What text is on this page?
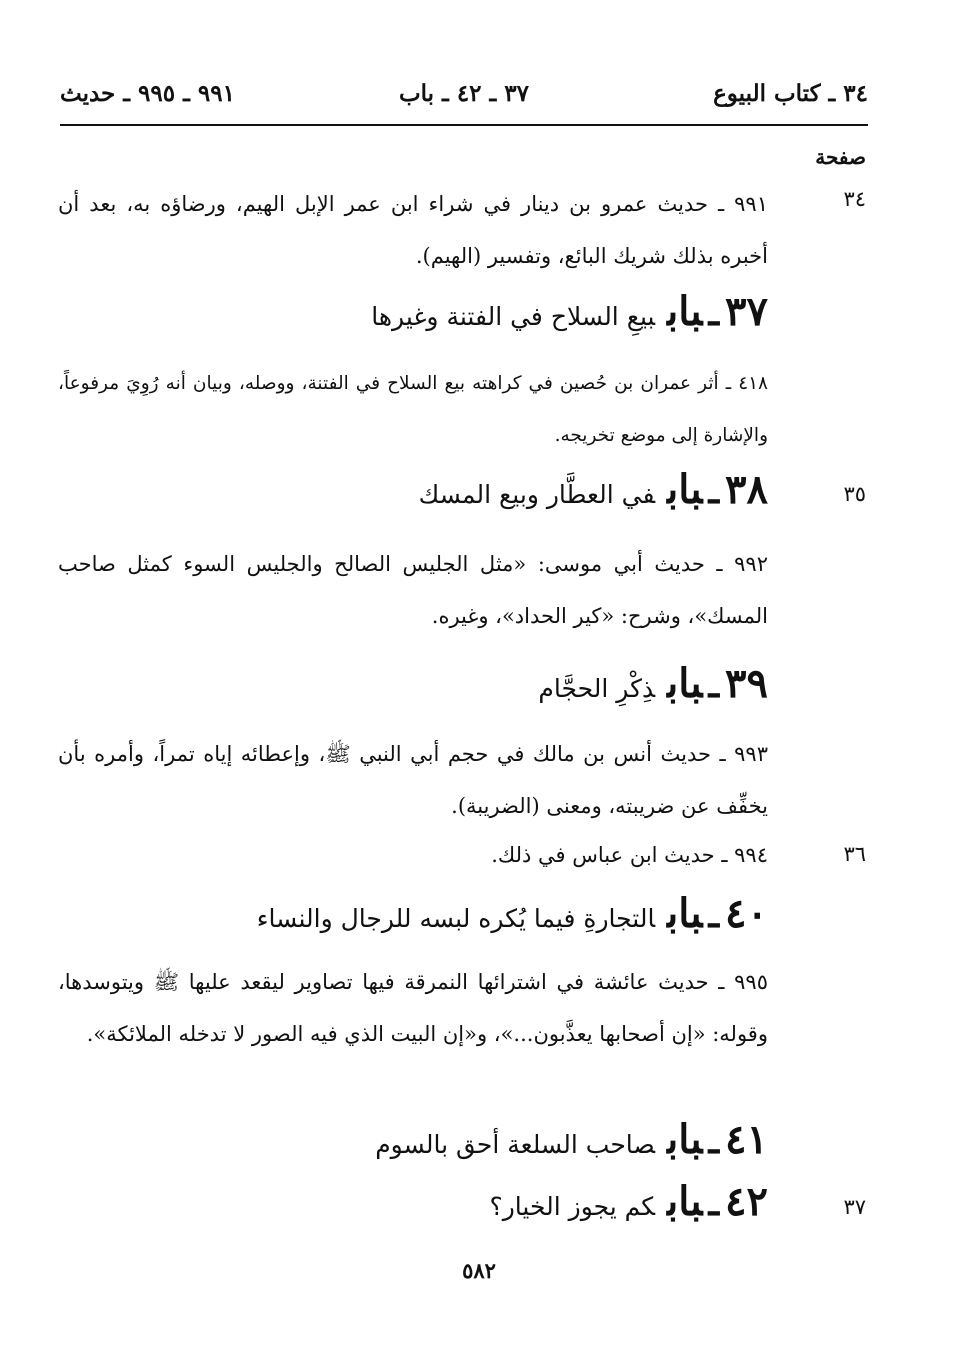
٣٤ ـ كتاب البيوع
٣٧ ـ ٤٢ ـ باب
٩٩١ ـ ٩٩٥ ـ حديث
صفحة
٣٤
٩٩١ ـ حديث عمرو بن دينار في شراء ابن عمر الإبل الهيم، ورضاؤه به، بعد أن أخبره بذلك شريك البائع، وتفسير (الهيم).
٣٧ـباببيعِ السلاح في الفتنة وغيرها
٤١٨ ـ أثر عمران بن حُصين في كراهته بيع السلاح في الفتنة، ووصله، وبيان أنه رُوِيَ مرفوعاً، والإشارة إلى موضع تخريجه.
٣٥
٣٨ـبابفي العطَّار وبيع المسك
٩٩٢ ـ حديث أبي موسى: «مثل الجليس الصالح والجليس السوء كمثل صاحب المسك»، وشرح: «كير الحداد»، وغيره.
٣٩ـبابذِكْرِ الحجَّام
٩٩٣ ـ حديث أنس بن مالك في حجم أبي النبي ﷺ، وإعطائه إياه تمراً، وأمره بأن يخفِّف عن ضريبته، ومعنى (الضريبة).
٣٦
٩٩٤ ـ حديث ابن عباس في ذلك.
٤٠ـبابالتجارةِ فيما يُكره لبسه للرجال والنساء
٩٩٥ ـ حديث عائشة في اشترائها النمرقة فيها تصاوير ليقعد عليها ﷺ ويتوسدها، وقوله: «إن أصحابها يعذَّبون...»، و«إن البيت الذي فيه الصور لا تدخله الملائكة».
٤١ـبابصاحب السلعة أحق بالسوم
٣٧
٤٢ـبابكم يجوز الخيار؟
٥٨٢
